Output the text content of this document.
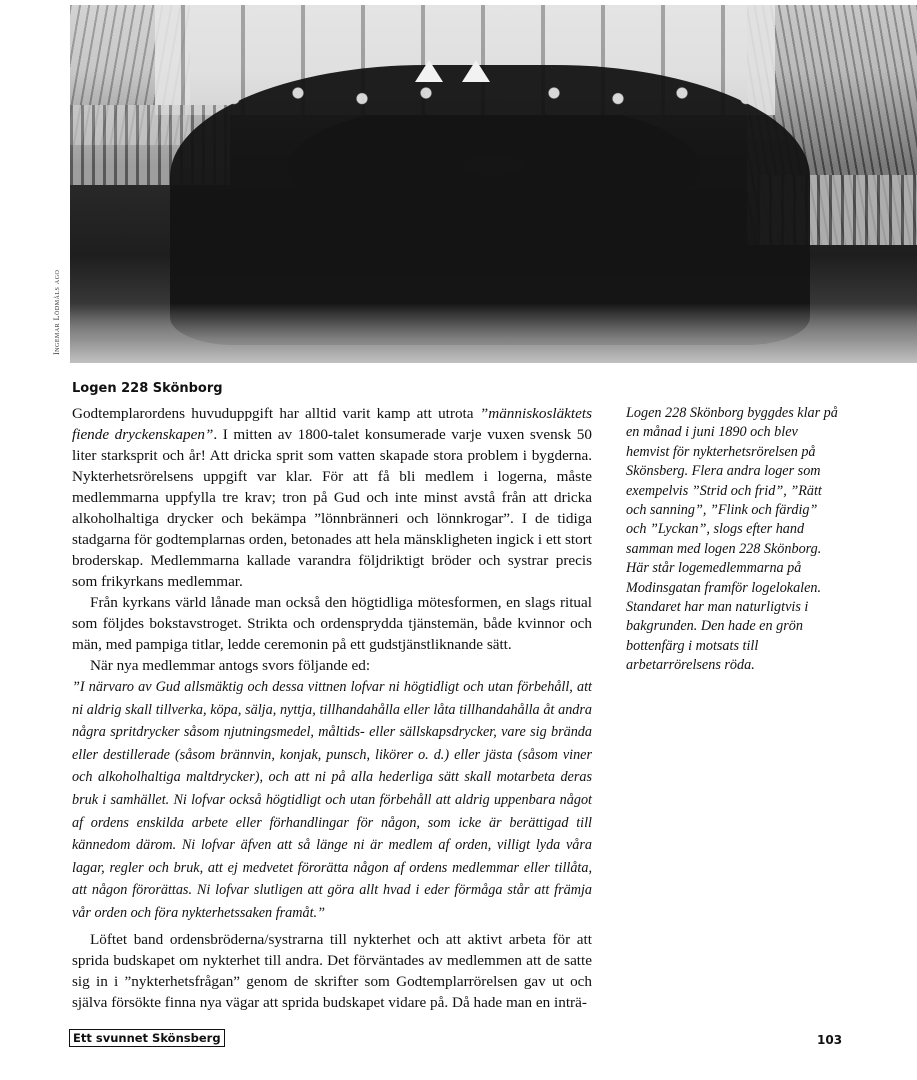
Ingemar Lödmåls ago
Logen 228 Skönborg

Godtemplarordens huvuduppgift har alltid varit kamp att utrota ”människosläktets fiende dryckenskapen”. I mitten av 1800-talet konsumerade varje vuxen svensk 50 liter starksprit och år! Att dricka sprit som vatten skapade stora problem i bygderna. Nykterhetsrörelsens uppgift var klar. För att få bli medlem i logerna, måste medlemmarna uppfylla tre krav; tron på Gud och inte minst avstå från att dricka alkoholhaltiga drycker och bekämpa ”lönnbränneri och lönnkrogar”. I de tidiga stadgarna för godtemplarnas orden, betonades att hela mänskligheten ingick i ett stort broderskap. Medlemmarna kallade varandra följdriktigt bröder och systrar precis som frikyrkans medlemmar.

Från kyrkans värld lånade man också den högtidliga mötesformen, en slags ritual som följdes bokstavstroget. Strikta och ordensprydda tjänstemän, både kvinnor och män, med pampiga titlar, ledde ceremonin på ett gudstjänstliknande sätt.

När nya medlemmar antogs svors följande ed:

”I närvaro av Gud allsmäktig och dessa vittnen lofvar ni högtidligt och utan förbehåll, att ni aldrig skall tillverka, köpa, sälja, nyttja, tillhandahålla eller låta tillhandahålla åt andra några spritdrycker såsom njutningsmedel, måltids- eller sällskapsdrycker, vare sig brända eller destillerade (såsom brännvin, konjak, punsch, likörer o. d.) eller jästa (såsom viner och alkoholhaltiga maltdrycker), och att ni på alla hederliga sätt skall motarbeta deras bruk i samhället. Ni lofvar också högtidligt och utan förbehåll att aldrig uppenbara något af ordens enskilda arbete eller förhandlingar för någon, som icke är berättigad till kännedom därom. Ni lofvar äfven att så länge ni är medlem af orden, villigt lyda våra lagar, regler och bruk, att ej medvetet förorätta någon af ordens medlemmar eller tillåta, att någon förorättas. Ni lofvar slutligen att göra allt hvad i eder förmåga står att främja vår orden och föra nykterhetssaken framåt.”

Löftet band ordensbröderna/systrarna till nykterhet och att aktivt arbeta för att sprida budskapet om nykterhet till andra. Det förväntades av medlemmen att de satte sig in i ”nykterhetsfrågan” genom de skrifter som Godtemplarrörelsen gav ut och själva försökte finna nya vägar att sprida budskapet vidare på. Då hade man en inträ-

Logen 228 Skönborg byggdes klar på en månad i juni 1890 och blev hemvist för nykterhetsrörelsen på Skönsberg. Flera andra loger som exempelvis ”Strid och frid”, ”Rätt och sanning”, ”Flink och färdig” och ”Lyckan”, slogs efter hand samman med logen 228 Skönborg.

Här står logemedlemmarna på Modinsgatan framför logelokalen. Standaret har man naturligtvis i bakgrunden. Den hade en grön bottenfärg i motsats till arbetarrörelsens röda.

Ett svunnet Skönsberg	103
